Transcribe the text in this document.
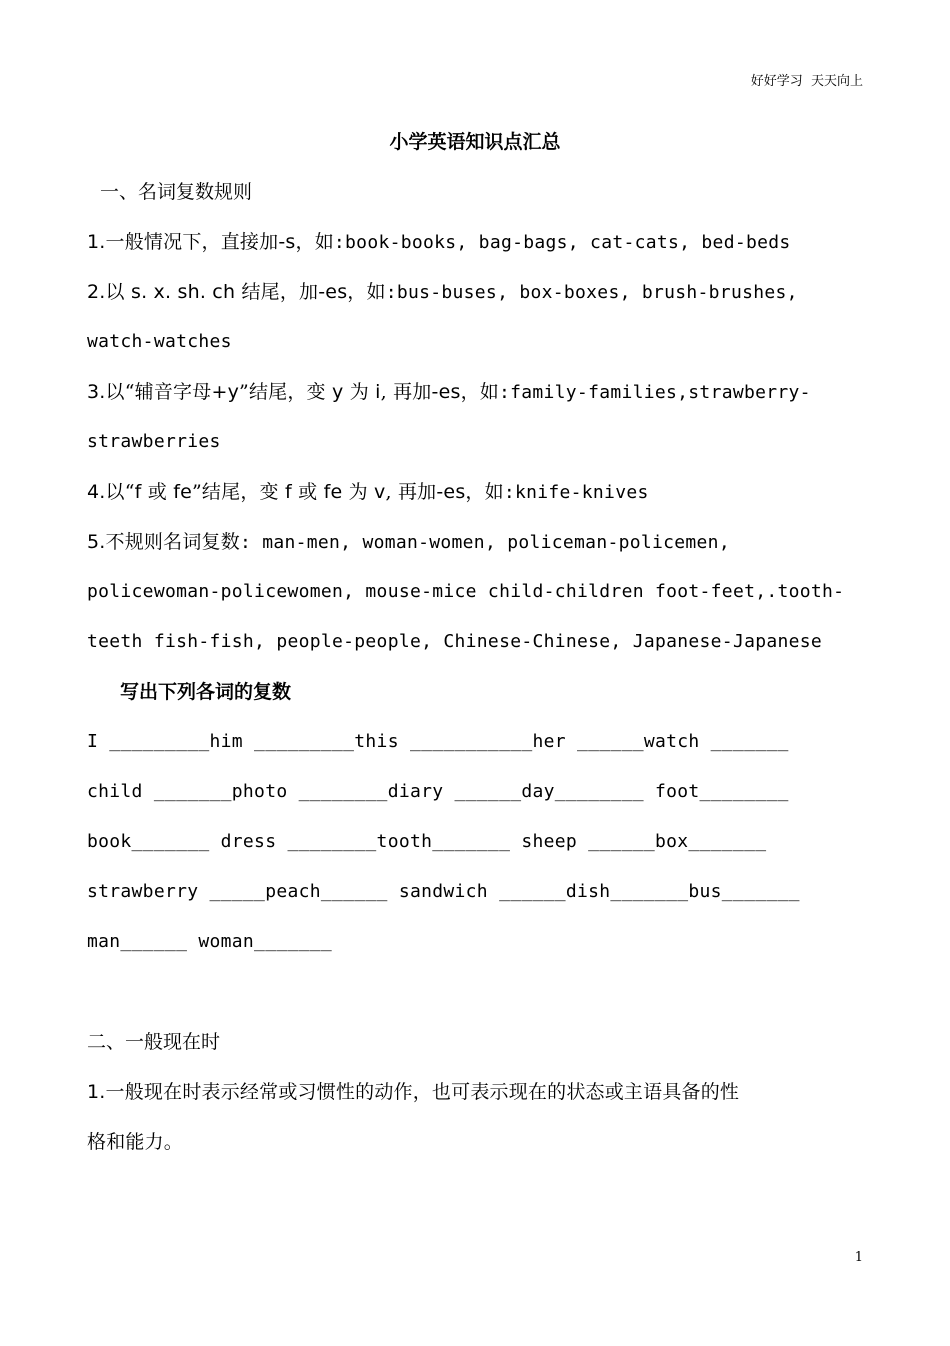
好好学习  天天向上
小学英语知识点汇总
一、名词复数规则
1.一般情况下，直接加-s，如:book-books, bag-bags, cat-cats, bed-beds
2.以 s. x. sh. ch 结尾，加-es，如:bus-buses, box-boxes, brush-brushes,
watch-watches
3.以“辅音字母+y”结尾，变 y 为 i, 再加-es，如:family-families,strawberry-
strawberries
4.以“f 或 fe”结尾，变 f 或 fe 为 v, 再加-es，如:knife-knives
5.不规则名词复数: man-men, woman-women, policeman-policemen,
policewoman-policewomen, mouse-mice child-children foot-feet,.tooth-
teeth fish-fish, people-people, Chinese-Chinese, Japanese-Japanese
写出下列各词的复数
I _________him _________this ___________her ______watch _______
child _______photo ________diary ______day________ foot________
book_______ dress ________tooth_______ sheep ______box_______
strawberry _____peach______ sandwich ______dish_______bus_______
man______ woman_______
二、一般现在时
1.一般现在时表示经常或习惯性的动作，也可表示现在的状态或主语具备的性
格和能力。
1
